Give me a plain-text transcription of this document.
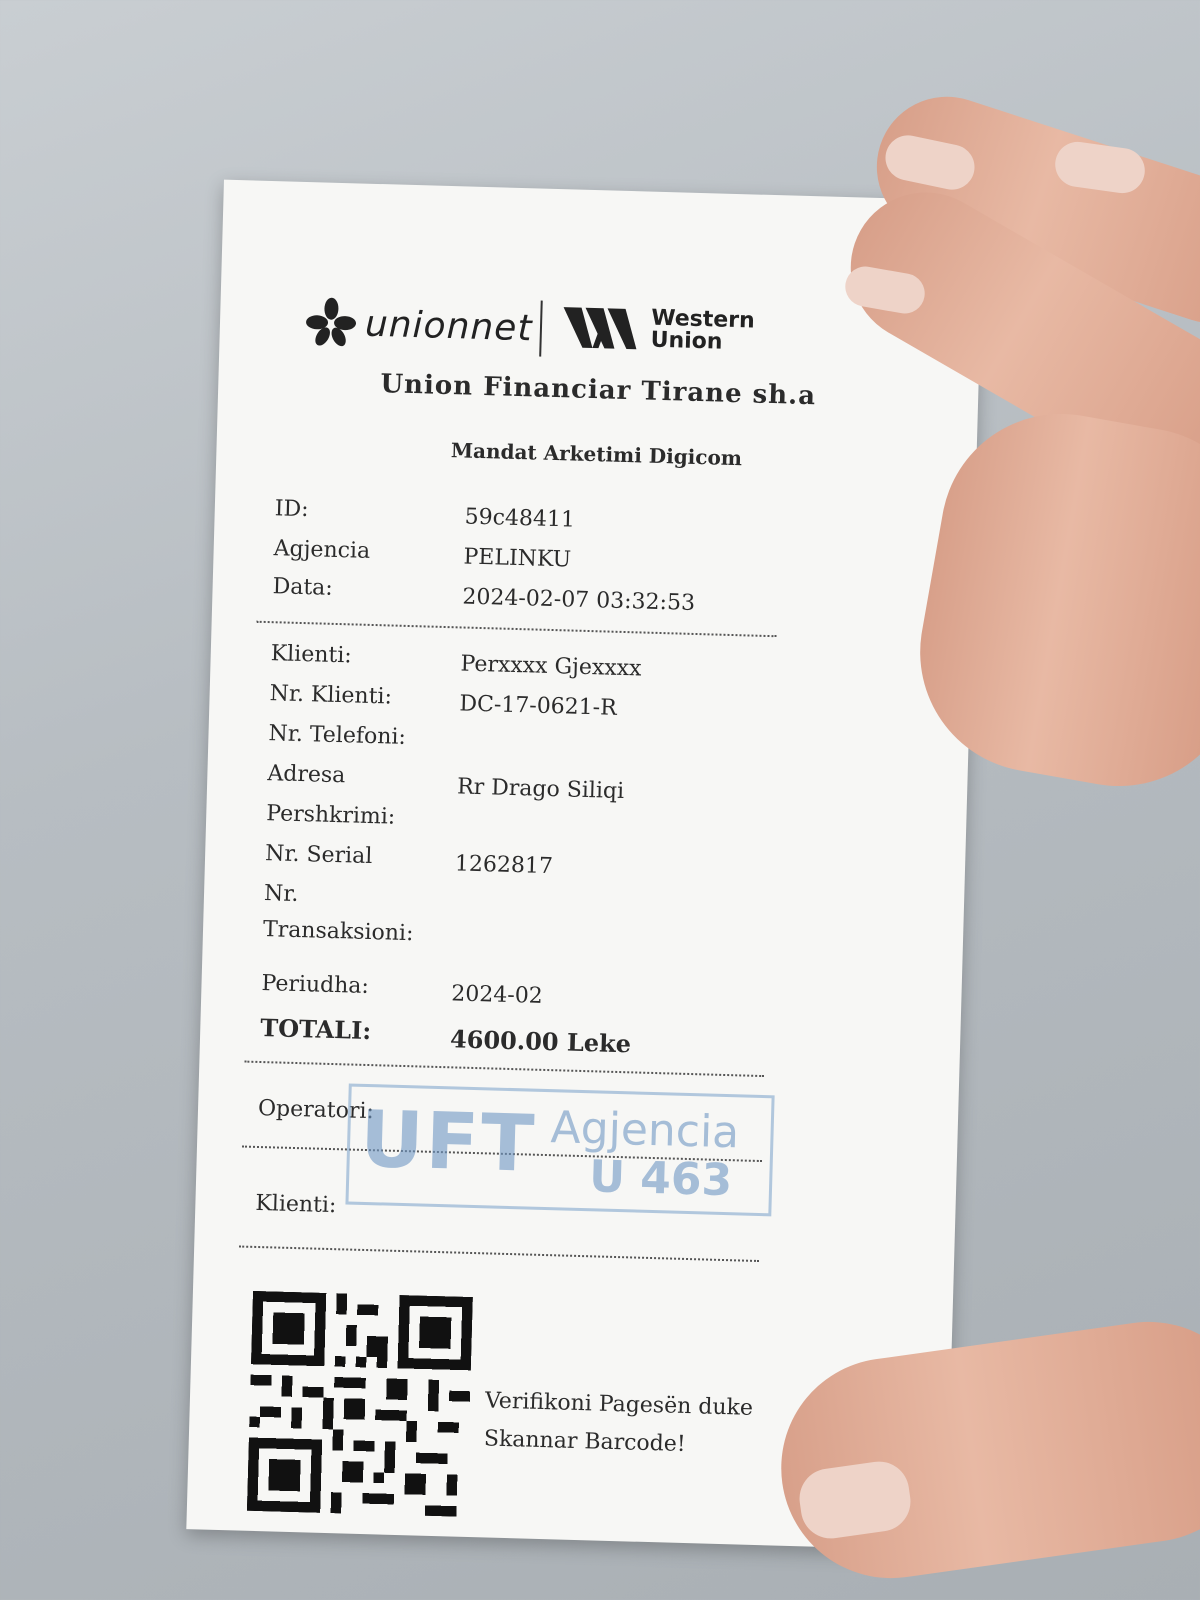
unionnet	Western
Union
Union Financiar Tirane sh.a
Mandat Arketimi Digicom
ID:	59c48411
Agjencia	PELINKU
Data:	2024-02-07 03:32:53
Klienti:	Perxxxx Gjexxxx
Nr. Klienti:	DC-17-0621-R
Nr. Telefoni:
Adresa	Rr Drago Siliqi
Pershkrimi:
Nr. Serial	1262817
Nr.
Transaksioni:
Periudha:	2024-02
TOTALI:	4600.00 Leke
Operatori:
UFT Agjencia
U 463
Klienti:
Verifikoni Pagesën duke
Skannar Barcode!
